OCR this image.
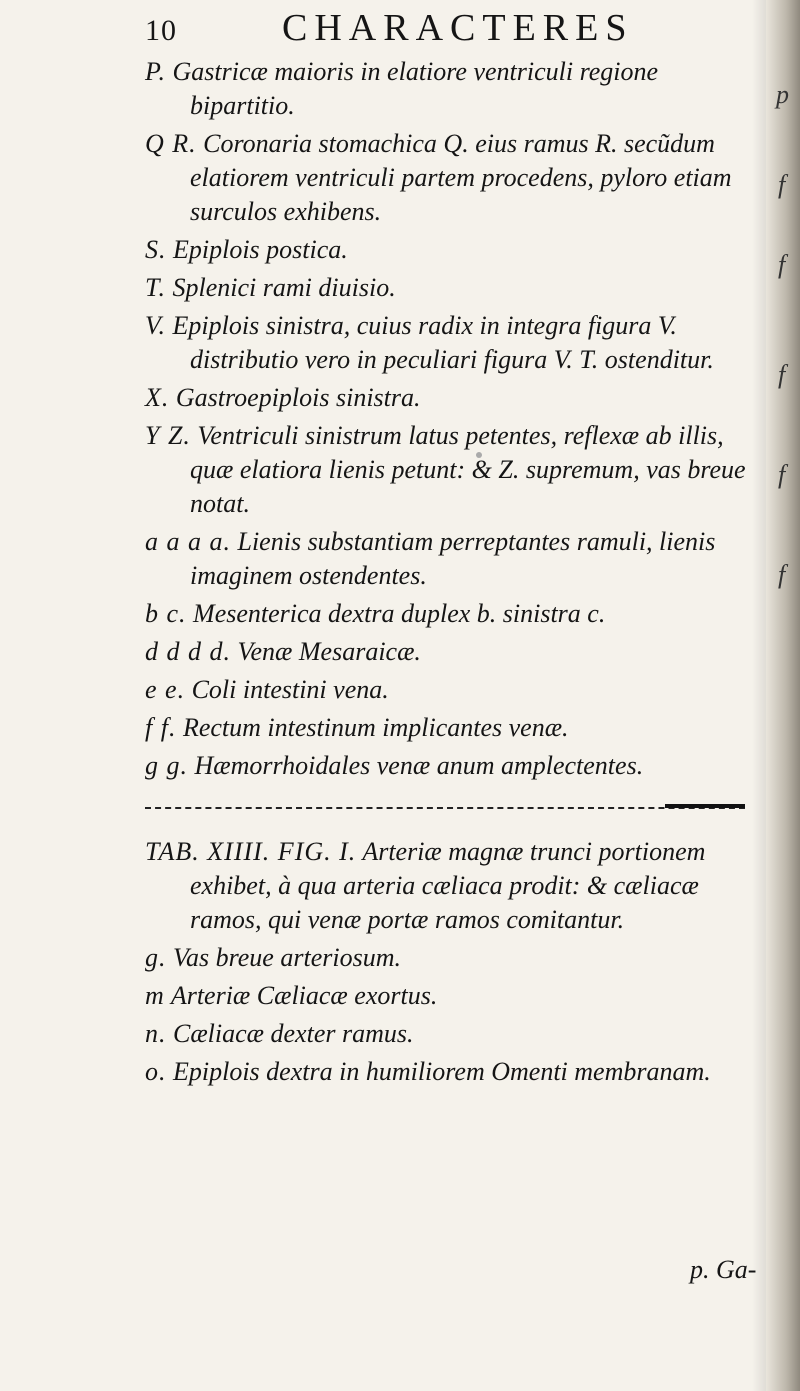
p
f
f
f
f
f
10	CHARACTERES
P. Gastricæ maioris in elatiore ventriculi regione bipartitio.
Q R. Coronaria stomachica Q. eius ramus R. secũdum elatiorem ventriculi partem procedens, pyloro etiam surculos exhibens.
S. Epiplois postica.
T. Splenici rami diuisio.
V. Epiplois sinistra, cuius radix in integra figura V. distributio vero in peculiari figura V. T. ostenditur.
X. Gastroepiplois sinistra.
Y Z. Ventriculi sinistrum latus petentes, reflexæ ab illis, quæ elatiora lienis petunt: & Z. supremum, vas breue notat.
a a a a. Lienis substantiam perreptantes ramuli, lienis imaginem ostendentes.
b c. Mesenterica dextra duplex b. sinistra c.
d d d d. Venæ Mesaraicæ.
e e. Coli intestini vena.
f f. Rectum intestinum implicantes venæ.
g g. Hæmorrhoidales venæ anum amplectentes.
TAB. XIIII. FIG. I. Arteriæ magnæ trunci portionem exhibet, à qua arteria cæliaca prodit: & cæliacæ ramos, qui venæ portæ ramos comitantur.
g. Vas breue arteriosum.
m Arteriæ Cæliacæ exortus.
n. Cæliacæ dexter ramus.
o. Epiplois dextra in humiliorem Omenti membranam.
p. Ga-
